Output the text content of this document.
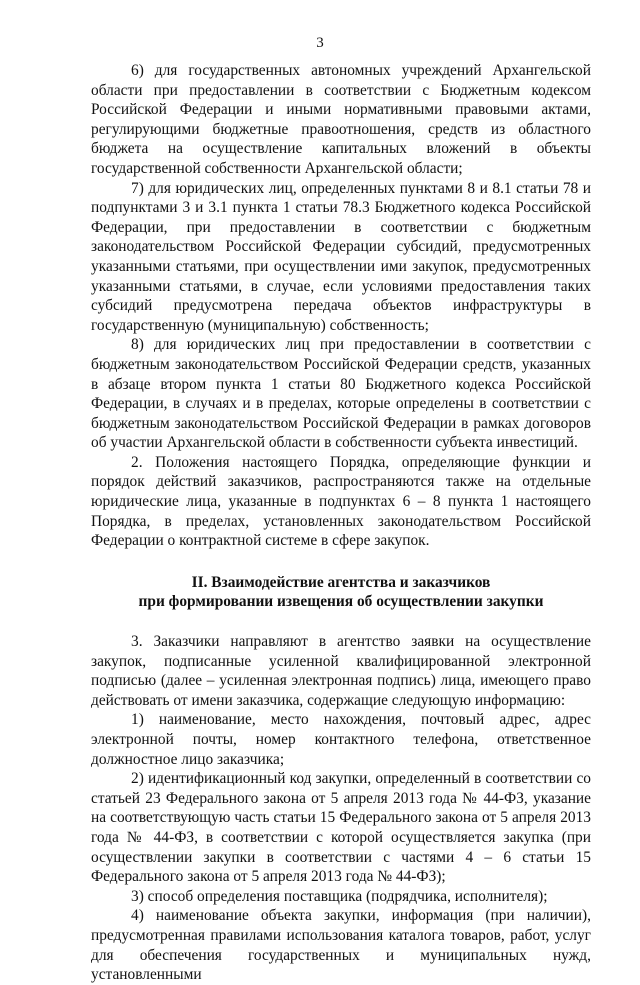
3

6) для государственных автономных учреждений Архангельской области при предоставлении в соответствии с Бюджетным кодексом Российской Федерации и иными нормативными правовыми актами, регулирующими бюджетные правоотношения, средств из областного бюджета на осуществление капитальных вложений в объекты государственной собственности Архангельской области;

7) для юридических лиц, определенных пунктами 8 и 8.1 статьи 78 и подпунктами 3 и 3.1 пункта 1 статьи 78.3 Бюджетного кодекса Российской Федерации, при предоставлении в соответствии с бюджетным законодательством Российской Федерации субсидий, предусмотренных указанными статьями, при осуществлении ими закупок, предусмотренных указанными статьями, в случае, если условиями предоставления таких субсидий предусмотрена передача объектов инфраструктуры в государственную (муниципальную) собственность;

8) для юридических лиц при предоставлении в соответствии с бюджетным законодательством Российской Федерации средств, указанных в абзаце втором пункта 1 статьи 80 Бюджетного кодекса Российской Федерации, в случаях и в пределах, которые определены в соответствии с бюджетным законодательством Российской Федерации в рамках договоров об участии Архангельской области в собственности субъекта инвестиций.

2. Положения настоящего Порядка, определяющие функции и порядок действий заказчиков, распространяются также на отдельные юридические лица, указанные в подпунктах 6 – 8 пункта 1 настоящего Порядка, в пределах, установленных законодательством Российской Федерации о контрактной системе в сфере закупок.

II. Взаимодействие агентства и заказчиков

при формировании извещения об осуществлении закупки

3. Заказчики направляют в агентство заявки на осуществление закупок, подписанные усиленной квалифицированной электронной подписью (далее – усиленная электронная подпись) лица, имеющего право действовать от имени заказчика, содержащие следующую информацию:

1) наименование, место нахождения, почтовый адрес, адрес электронной почты, номер контактного телефона, ответственное должностное лицо заказчика;

2) идентификационный код закупки, определенный в соответствии со статьей 23 Федерального закона от 5 апреля 2013 года № 44-ФЗ, указание на соответствующую часть статьи 15 Федерального закона от 5 апреля 2013 года № 44-ФЗ, в соответствии с которой осуществляется закупка (при осуществлении закупки в соответствии с частями 4 – 6 статьи 15 Федерального закона от 5 апреля 2013 года № 44-ФЗ);

3) способ определения поставщика (подрядчика, исполнителя);

4) наименование объекта закупки, информация (при наличии), предусмотренная правилами использования каталога товаров, работ, услуг для обеспечения государственных и муниципальных нужд, установленными
